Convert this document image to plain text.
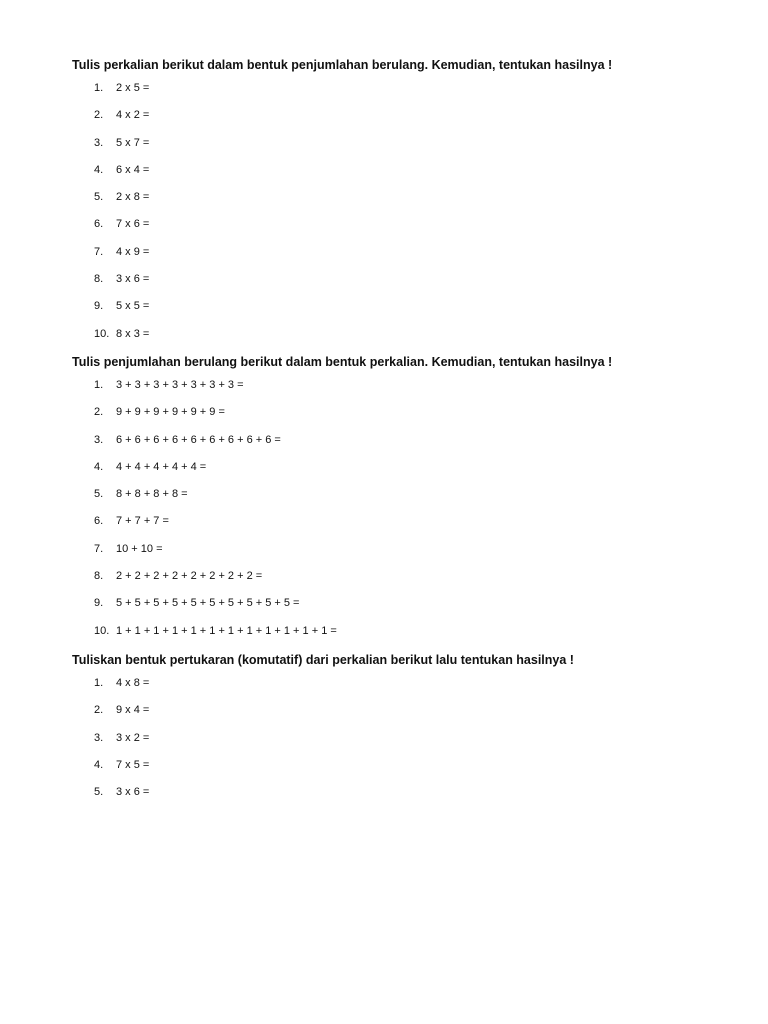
Tulis perkalian berikut dalam bentuk penjumlahan berulang. Kemudian, tentukan hasilnya !

1. 2 x 5 =
2. 4 x 2 =
3. 5 x 7 =
4. 6 x 4 =
5. 2 x 8 =
6. 7 x 6 =
7. 4 x 9 =
8. 3 x 6 =
9. 5 x 5 =
10. 8 x 3 =

Tulis penjumlahan berulang berikut dalam bentuk perkalian. Kemudian, tentukan hasilnya !

1. 3 + 3 + 3 + 3 + 3 + 3 + 3 =
2. 9 + 9 + 9 + 9 + 9 + 9 =
3. 6 + 6 + 6 + 6 + 6 + 6 + 6 + 6 + 6 =
4. 4 + 4 + 4 + 4 + 4 =
5. 8 + 8 + 8 + 8 =
6. 7 + 7 + 7 =
7. 10 + 10 =
8. 2 + 2 + 2 + 2 + 2 + 2 + 2 + 2 =
9. 5 + 5 + 5 + 5 + 5 + 5 + 5 + 5 + 5 + 5 =
10. 1 + 1 + 1 + 1 + 1 + 1 + 1 + 1 + 1 + 1 + 1 + 1 =

Tuliskan bentuk pertukaran (komutatif) dari perkalian berikut lalu tentukan hasilnya !

1. 4 x 8 =
2. 9 x 4 =
3. 3 x 2 =
4. 7 x 5 =
5. 3 x 6 =
